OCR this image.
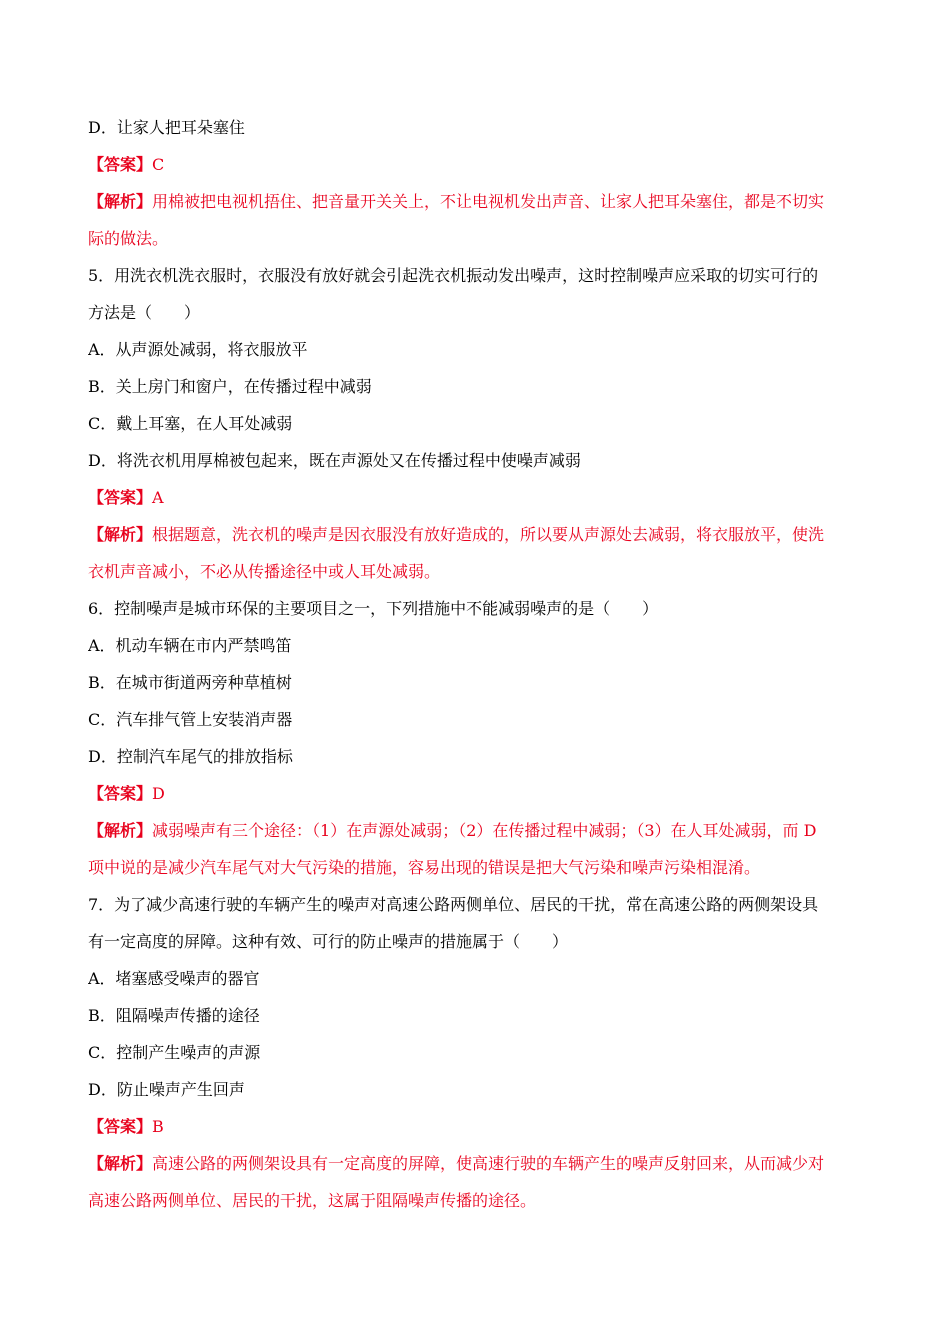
D．让家人把耳朵塞住
【答案】C
【解析】用棉被把电视机捂住、把音量开关关上，不让电视机发出声音、让家人把耳朵塞住，都是不切实
际的做法。
5．用洗衣机洗衣服时，衣服没有放好就会引起洗衣机振动发出噪声，这时控制噪声应采取的切实可行的
方法是（　　）
A．从声源处减弱，将衣服放平
B．关上房门和窗户，在传播过程中减弱
C．戴上耳塞，在人耳处减弱
D．将洗衣机用厚棉被包起来，既在声源处又在传播过程中使噪声减弱
【答案】A
【解析】根据题意，洗衣机的噪声是因衣服没有放好造成的，所以要从声源处去减弱，将衣服放平，使洗
衣机声音减小，不必从传播途径中或人耳处减弱。
6．控制噪声是城市环保的主要项目之一，下列措施中不能减弱噪声的是（　　）
A．机动车辆在市内严禁鸣笛
B．在城市街道两旁种草植树
C．汽车排气管上安装消声器
D．控制汽车尾气的排放指标
【答案】D
【解析】减弱噪声有三个途径：（1）在声源处减弱；（2）在传播过程中减弱；（3）在人耳处减弱，而 D
项中说的是减少汽车尾气对大气污染的措施，容易出现的错误是把大气污染和噪声污染相混淆。
7．为了减少高速行驶的车辆产生的噪声对高速公路两侧单位、居民的干扰，常在高速公路的两侧架设具
有一定高度的屏障。这种有效、可行的防止噪声的措施属于（　　）
A．堵塞感受噪声的器官
B．阻隔噪声传播的途径
C．控制产生噪声的声源
D．防止噪声产生回声
【答案】B
【解析】高速公路的两侧架设具有一定高度的屏障，使高速行驶的车辆产生的噪声反射回来，从而减少对
高速公路两侧单位、居民的干扰，这属于阻隔噪声传播的途径。
